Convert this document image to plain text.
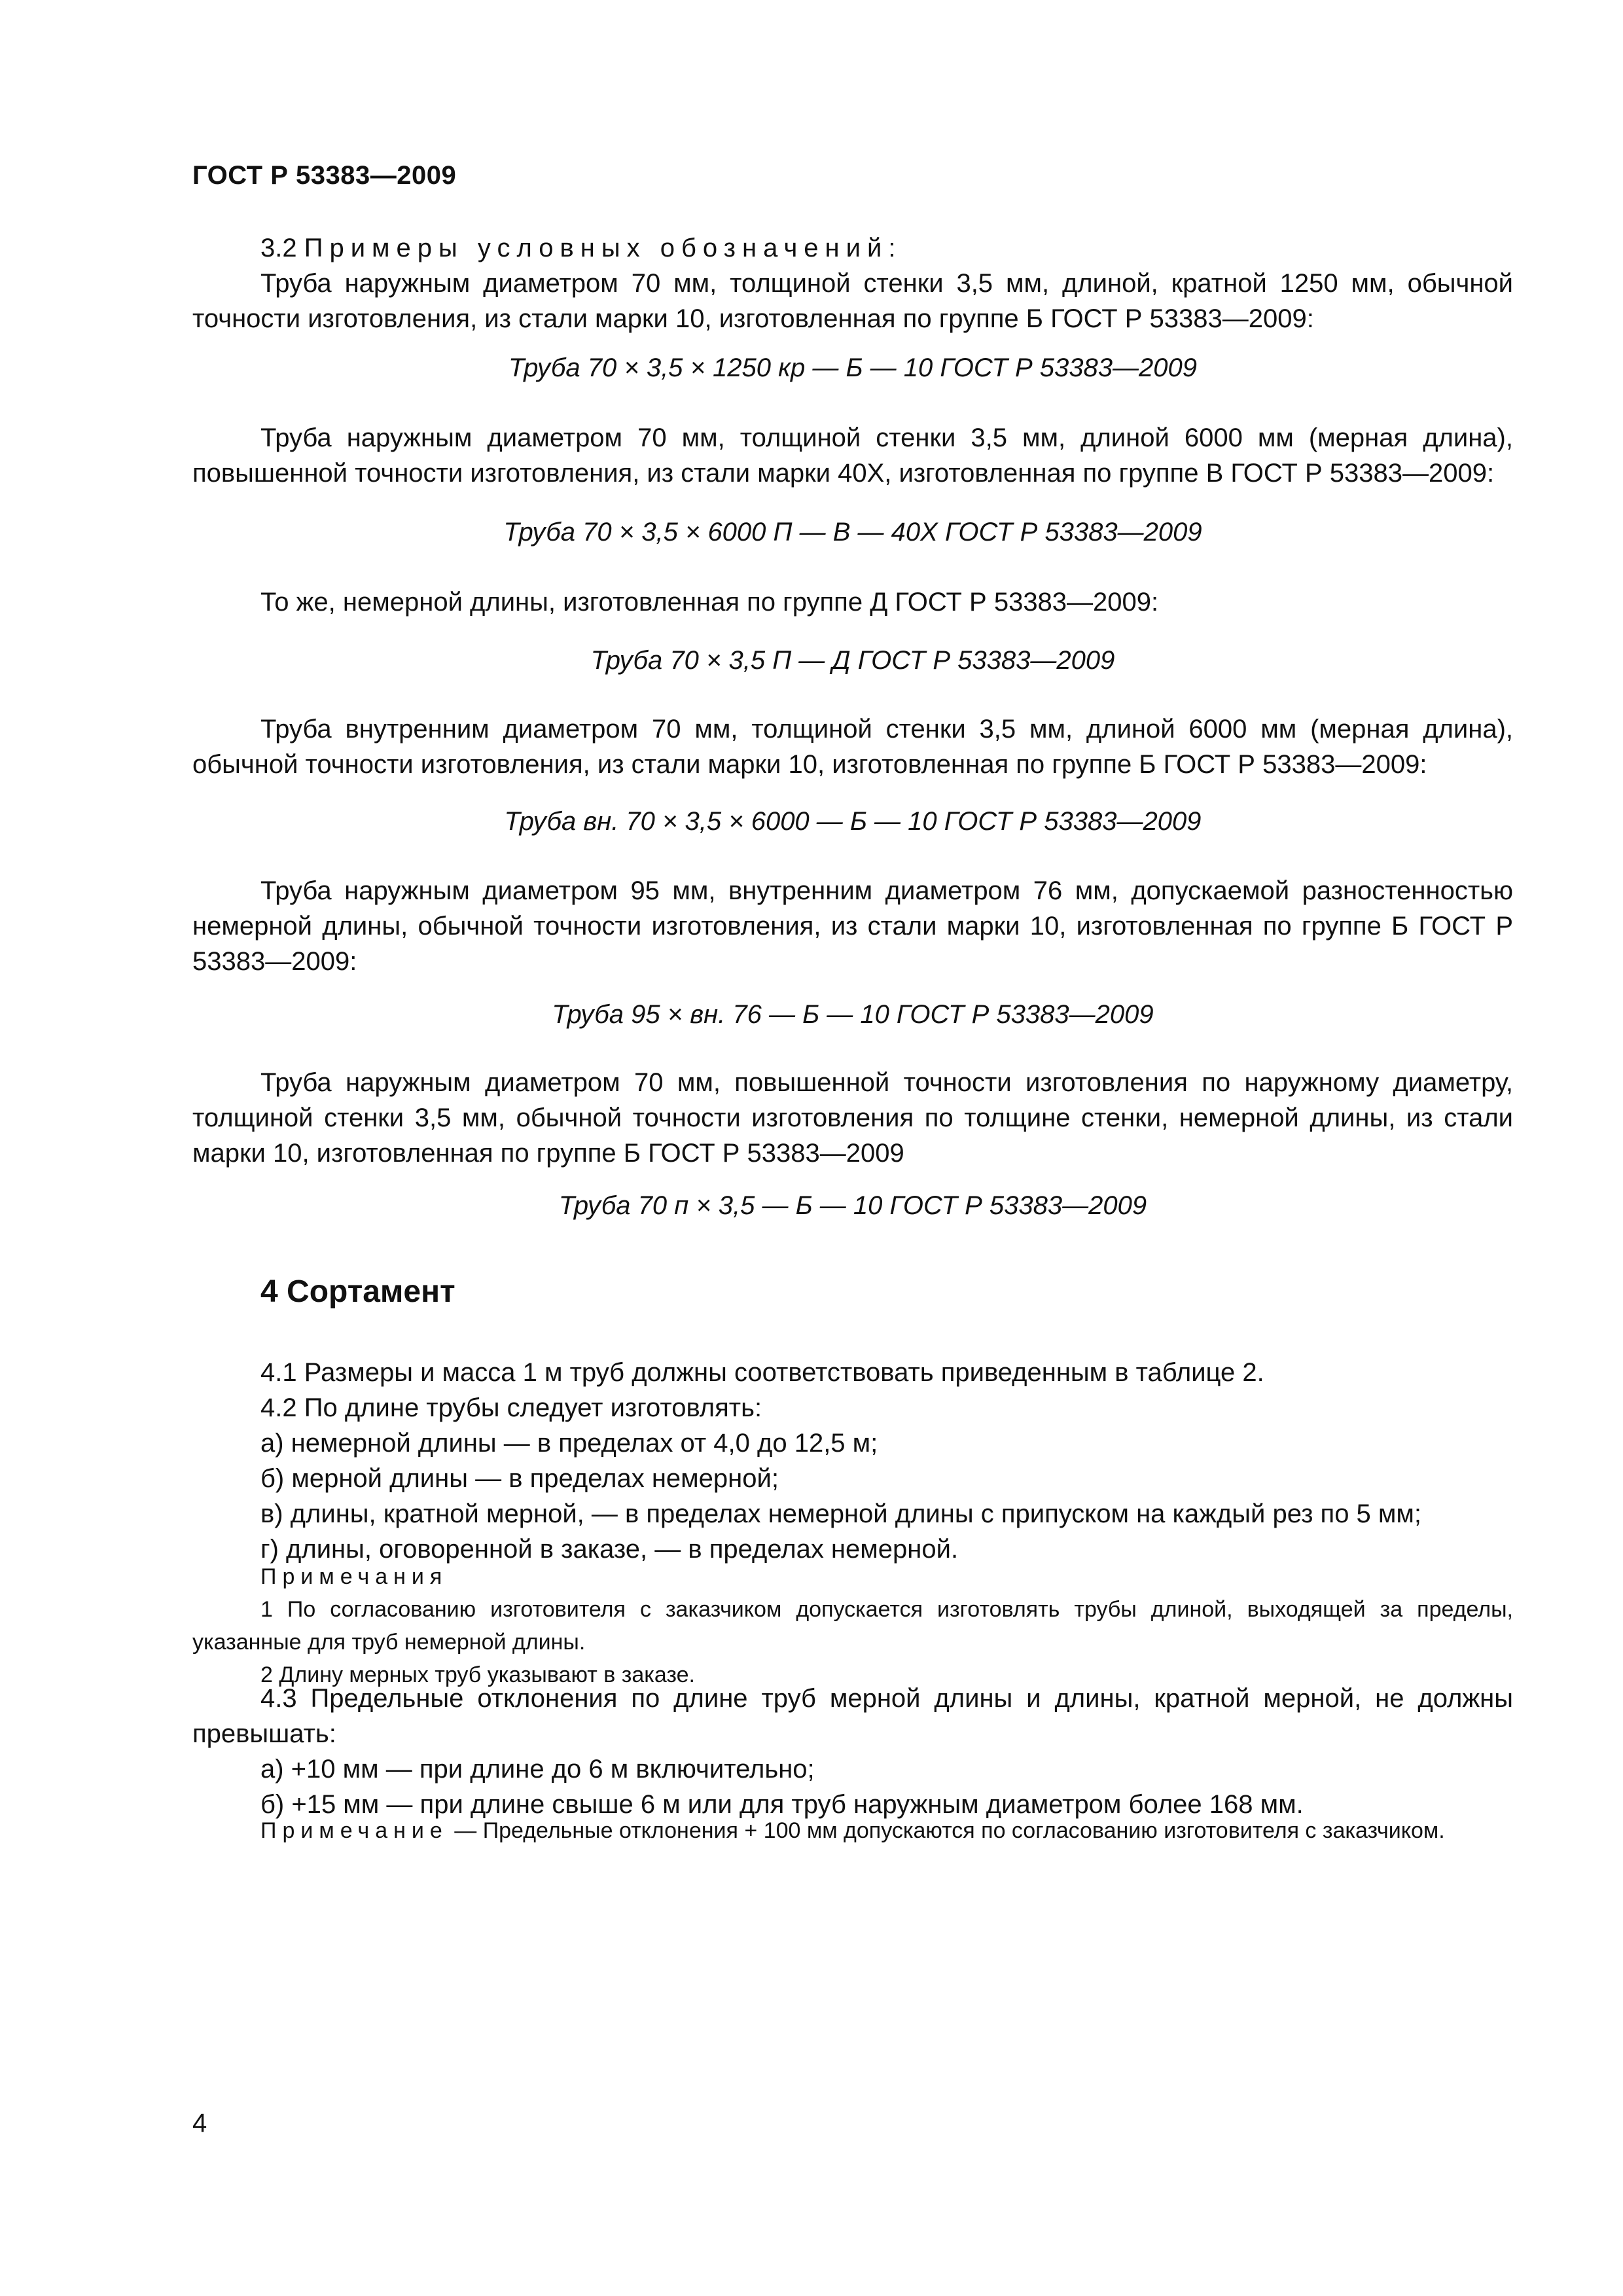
ГОСТ Р 53383—2009

3.2 Примеры условных обозначений:

Труба наружным диаметром 70 мм, толщиной стенки 3,5 мм, длиной, кратной 1250 мм, обычной точности изготовления, из стали марки 10, изготовленная по группе Б ГОСТ Р 53383—2009:

Труба 70 × 3,5 × 1250 кр — Б — 10 ГОСТ Р 53383—2009

Труба наружным диаметром 70 мм, толщиной стенки 3,5 мм, длиной 6000 мм (мерная длина), повышенной точности изготовления, из стали марки 40Х, изготовленная по группе В ГОСТ Р 53383—2009:

Труба 70 × 3,5 × 6000 П — В — 40Х ГОСТ Р 53383—2009

То же, немерной длины, изготовленная по группе Д ГОСТ Р 53383—2009:

Труба 70 × 3,5 П — Д ГОСТ Р 53383—2009

Труба внутренним диаметром 70 мм, толщиной стенки 3,5 мм, длиной 6000 мм (мерная длина), обычной точности изготовления, из стали марки 10, изготовленная по группе Б ГОСТ Р 53383—2009:

Труба вн. 70 × 3,5 × 6000 — Б — 10 ГОСТ Р 53383—2009

Труба наружным диаметром 95 мм, внутренним диаметром 76 мм, допускаемой разностенностью немерной длины, обычной точности изготовления, из стали марки 10, изготовленная по группе Б ГОСТ Р 53383—2009:

Труба 95 × вн. 76 — Б — 10 ГОСТ Р 53383—2009

Труба наружным диаметром 70 мм, повышенной точности изготовления по наружному диаметру, толщиной стенки 3,5 мм, обычной точности изготовления по толщине стенки, немерной длины, из стали марки 10, изготовленная по группе Б ГОСТ Р 53383—2009

Труба 70 п × 3,5 — Б — 10 ГОСТ Р 53383—2009
4 Сортамент

4.1 Размеры и масса 1 м труб должны соответствовать приведенным в таблице 2.

4.2 По длине трубы следует изготовлять:

а) немерной длины — в пределах от 4,0 до 12,5 м;

б) мерной длины — в пределах немерной;

в) длины, кратной мерной, — в пределах немерной длины с припуском на каждый рез по 5 мм;

г) длины, оговоренной в заказе, — в пределах немерной.

Примечания

1 По согласованию изготовителя с заказчиком допускается изготовлять трубы длиной, выходящей за пределы, указанные для труб немерной длины.

2 Длину мерных труб указывают в заказе.

4.3 Предельные отклонения по длине труб мерной длины и длины, кратной мерной, не должны превышать:

а) +10 мм — при длине до 6 м включительно;

б) +15 мм — при длине свыше 6 м или для труб наружным диаметром более 168 мм.

Примечание — Предельные отклонения + 100 мм допускаются по согласованию изготовителя с заказчиком.

4
